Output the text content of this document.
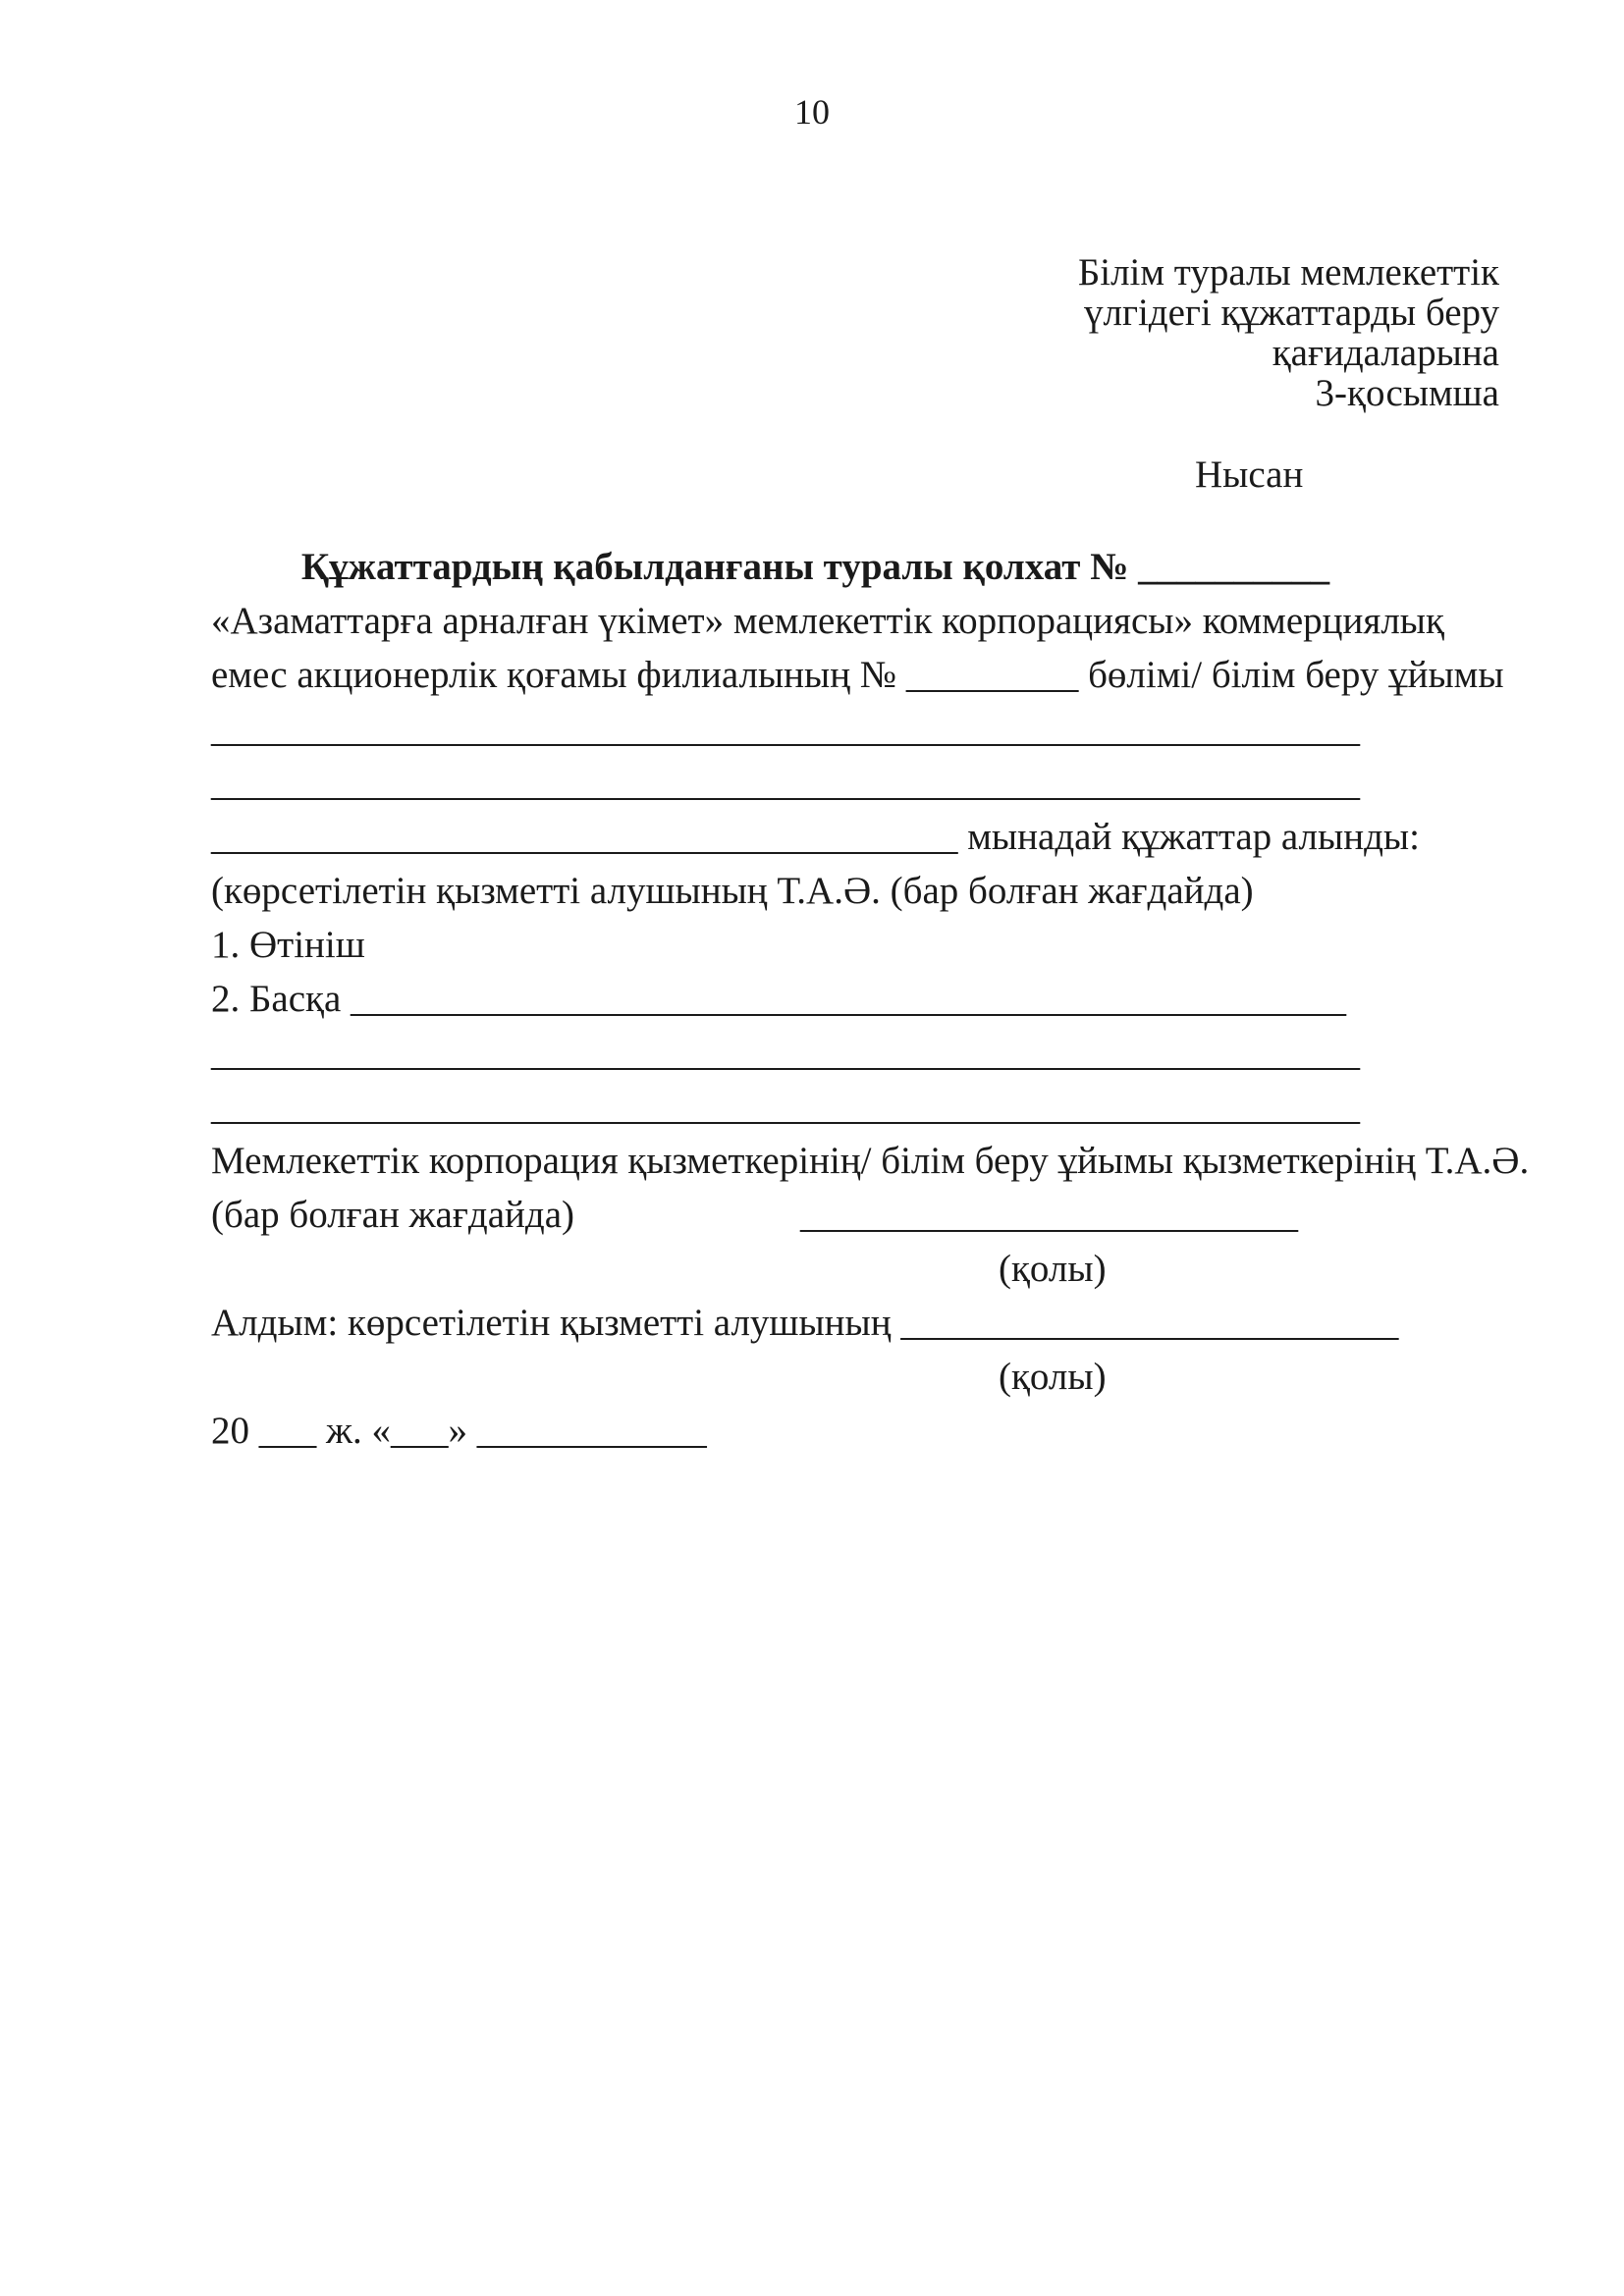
10
Білім туралы мемлекеттік
үлгідегі құжаттарды беру
қағидаларына
3-қосымша
Нысан
Құжаттардың қабылданғаны туралы қолхат № __________
«Азаматтарға арналған үкімет» мемлекеттік корпорациясы» коммерциялық
емес акционерлік қоғамы филиалының № _________ бөлімі/ білім беру ұйымы
____________________________________________________________
____________________________________________________________
_______________________________________ мынадай құжаттар алынды:
(көрсетілетін қызметті алушының Т.А.Ә. (бар болған жағдайда)
1. Өтініш
2. Басқа ____________________________________________________
____________________________________________________________
____________________________________________________________
Мемлекеттік корпорация қызметкерінің/ білім беру ұйымы қызметкерінің Т.А.Ә.
(бар болған жағдайда)	__________________________
(қолы)
Алдым: көрсетілетін қызметті алушының __________________________
(қолы)
20 ___ ж. «___» ____________
